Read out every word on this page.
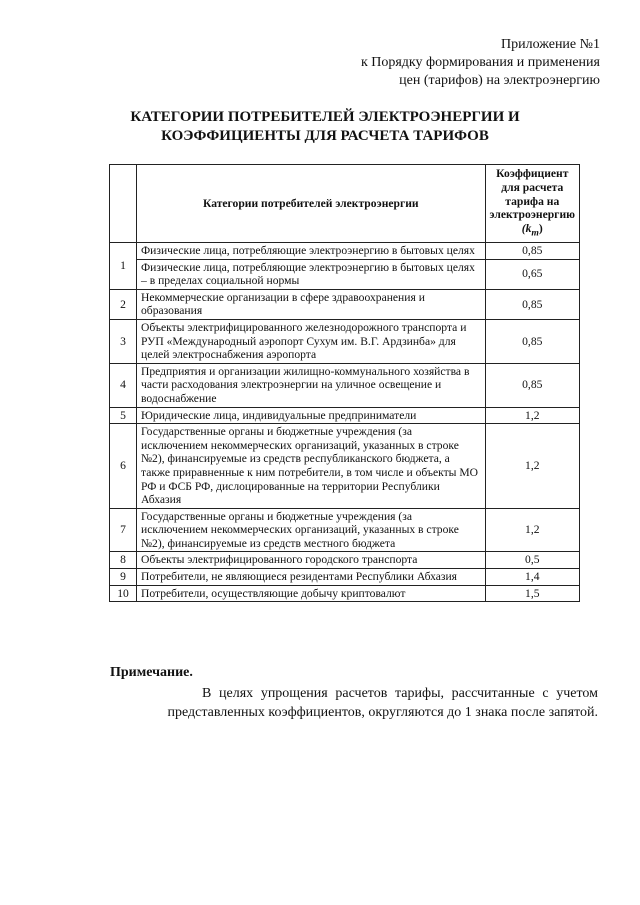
Приложение №1
к Порядку формирования и применения
цен (тарифов) на электроэнергию
КАТЕГОРИИ ПОТРЕБИТЕЛЕЙ ЭЛЕКТРОЭНЕРГИИ И
КОЭФФИЦИЕНТЫ ДЛЯ РАСЧЕТА ТАРИФОВ
	Категории потребителей электроэнергии	Коэффициент для расчета тарифа на электроэнергию
$(k_m)$
1	Физические лица, потребляющие электроэнергию в бытовых целях	0,85
	Физические лица, потребляющие электроэнергию в бытовых целях – в пределах социальной нормы	0,65
2	Некоммерческие организации в сфере здравоохранения и образования	0,85
3	Объекты электрифицированного железнодорожного транспорта и РУП «Международный аэропорт Сухум им. В.Г. Ардзинба» для целей электроснабжения аэропорта	0,85
4	Предприятия и организации жилищно-коммунального хозяйства в части расходования электроэнергии на уличное освещение и водоснабжение	0,85
5	Юридические лица, индивидуальные предприниматели	1,2
6	Государственные органы и бюджетные учреждения (за исключением некоммерческих организаций, указанных в строке №2), финансируемые из средств республиканского бюджета, а также приравненные к ним потребители, в том числе и объекты МО РФ и ФСБ РФ, дислоцированные на территории Республики Абхазия	1,2
7	Государственные органы и бюджетные учреждения (за исключением некоммерческих организаций, указанных в строке №2), финансируемые из средств местного бюджета	1,2
8	Объекты электрифицированного городского транспорта	0,5
9	Потребители, не являющиеся резидентами Республики Абхазия	1,4
10	Потребители, осуществляющие добычу криптовалют	1,5
Примечание.
В целях упрощения расчетов тарифы, рассчитанные с учетом представленных коэффициентов, округляются до 1 знака после запятой.
